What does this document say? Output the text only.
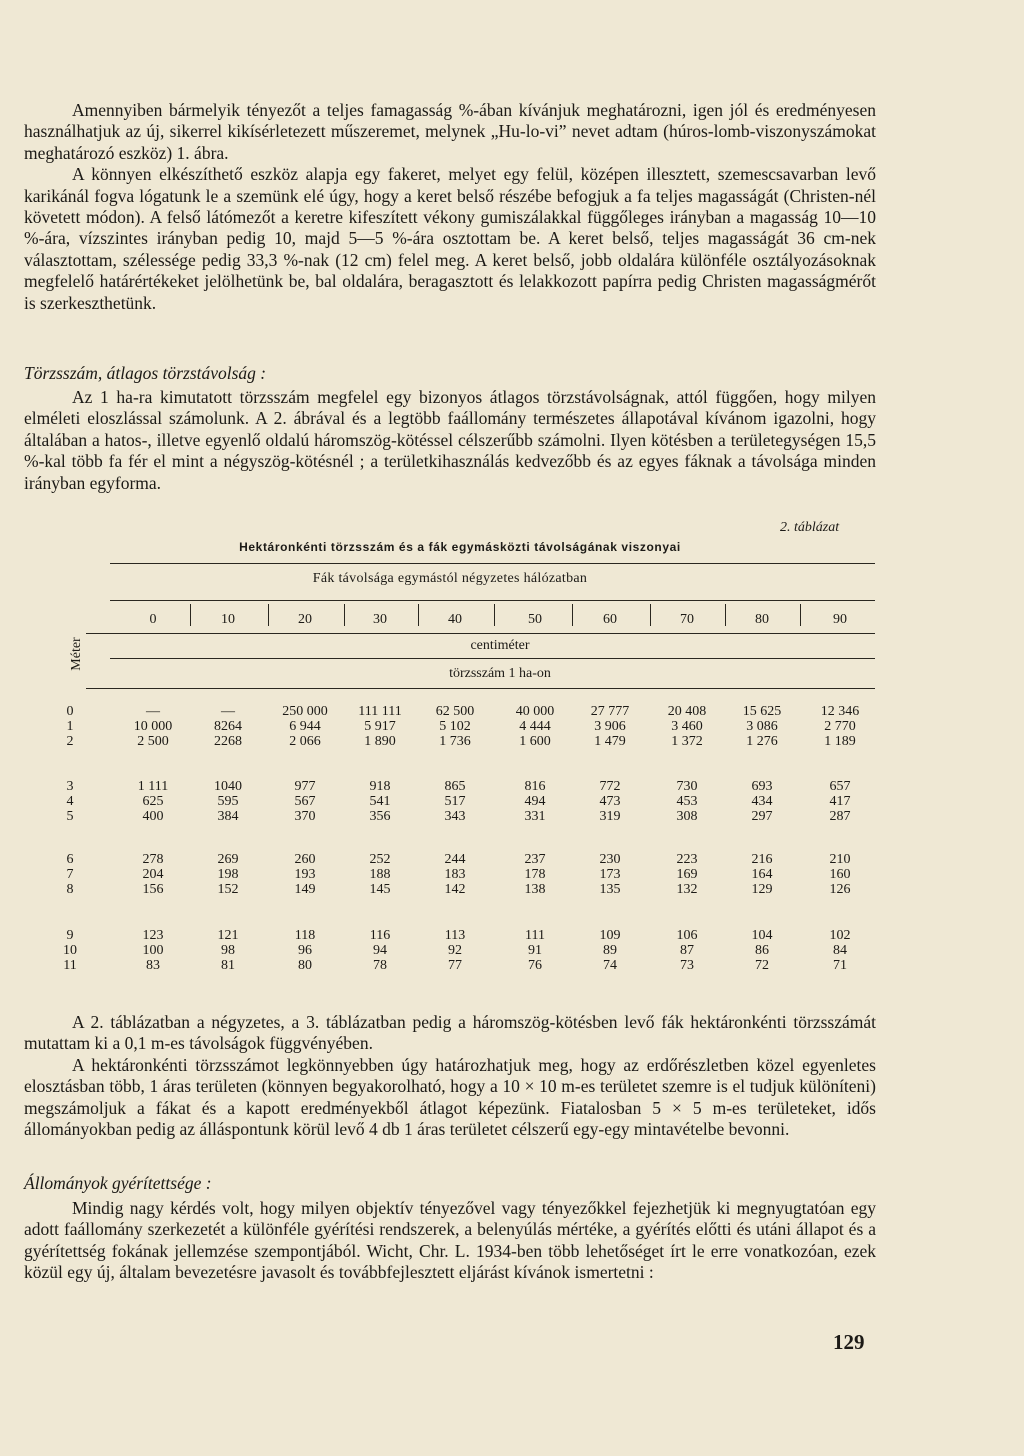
Amennyiben bármelyik tényezőt a teljes famagasság %-ában kívánjuk meghatározni, igen jól és eredményesen használhatjuk az új, sikerrel kikísérletezett műszeremet, melynek „Hu-lo-vi” nevet adtam (húros-lomb-viszonyszámokat meghatározó eszköz) 1. ábra.

A könnyen elkészíthető eszköz alapja egy fakeret, melyet egy felül, középen illesztett, szemescsavarban levő karikánál fogva lógatunk le a szemünk elé úgy, hogy a keret belső részébe befogjuk a fa teljes magasságát (Christen-nél követett módon). A felső látómezőt a keretre kifeszített vékony gumiszálakkal függőleges irányban a magasság 10—10 %-ára, vízszintes irányban pedig 10, majd 5—5 %-ára osztottam be. A keret belső, teljes magasságát 36 cm-nek választottam, szélessége pedig 33,3 %-nak (12 cm) felel meg. A keret belső, jobb oldalára különféle osztályozásoknak megfelelő határértékeket jelölhetünk be, bal oldalára, beragasztott és lelakkozott papírra pedig Christen magasságmérőt is szerkeszthetünk.

Törzsszám, átlagos törzstávolság :

Az 1 ha-ra kimutatott törzsszám megfelel egy bizonyos átlagos törzstávolságnak, attól függően, hogy milyen elméleti eloszlással számolunk. A 2. ábrával és a legtöbb faállomány természetes állapotával kívánom igazolni, hogy általában a hatos-, illetve egyenlő oldalú háromszög-kötéssel célszerűbb számolni. Ilyen kötésben a területegységen 15,5 %-kal több fa fér el mint a négyszög-kötésnél ; a területkihasználás kedvezőbb és az egyes fáknak a távolsága minden irányban egyforma.

2. táblázat
Hektáronkénti törzsszám és a fák egymásközti távolságának viszonyai
Fák távolsága egymástól négyzetes hálózatban
Méter	centiméter
törzsszám 1 ha-on

A 2. táblázatban a négyzetes, a 3. táblázatban pedig a háromszög-kötésben levő fák hektáronkénti törzsszámát mutattam ki a 0,1 m-es távolságok függvényében.

A hektáronkénti törzsszámot legkönnyebben úgy határozhatjuk meg, hogy az erdőrészletben közel egyenletes elosztásban több, 1 áras területen (könnyen begyakorolható, hogy a 10 × 10 m-es területet szemre is el tudjuk különíteni) megszámoljuk a fákat és a kapott eredményekből átlagot képezünk. Fiatalosban 5 × 5 m-es területeket, idős állományokban pedig az álláspontunk körül levő 4 db 1 áras területet célszerű egy-egy mintavételbe bevonni.

Állományok gyérítettsége :

Mindig nagy kérdés volt, hogy milyen objektív tényezővel vagy tényezőkkel fejezhetjük ki megnyugtatóan egy adott faállomány szerkezetét a különféle gyérítési rendszerek, a belenyúlás mértéke, a gyérítés előtti és utáni állapot és a gyérítettség fokának jellemzése szempontjából. Wicht, Chr. L. 1934-ben több lehetőséget írt le erre vonatkozóan, ezek közül egy új, általam bevezetésre javasolt és továbbfejlesztett eljárást kívánok ismertetni :

129
0	10	20	30	40	50	60	70	80	90
0	—	—	250 000	111 111	62 500	40 000	27 777	20 408	15 625	12 346
1	10 000	8264	6 944	5 917	5 102	4 444	3 906	3 460	3 086	2 770
2	2 500	2268	2 066	1 890	1 736	1 600	1 479	1 372	1 276	1 189
3	1 111	1040	977	918	865	816	772	730	693	657
4	625	595	567	541	517	494	473	453	434	417
5	400	384	370	356	343	331	319	308	297	287
6	278	269	260	252	244	237	230	223	216	210
7	204	198	193	188	183	178	173	169	164	160
8	156	152	149	145	142	138	135	132	129	126
9	123	121	118	116	113	111	109	106	104	102
10	100	98	96	94	92	91	89	87	86	84
11	83	81	80	78	77	76	74	73	72	71
